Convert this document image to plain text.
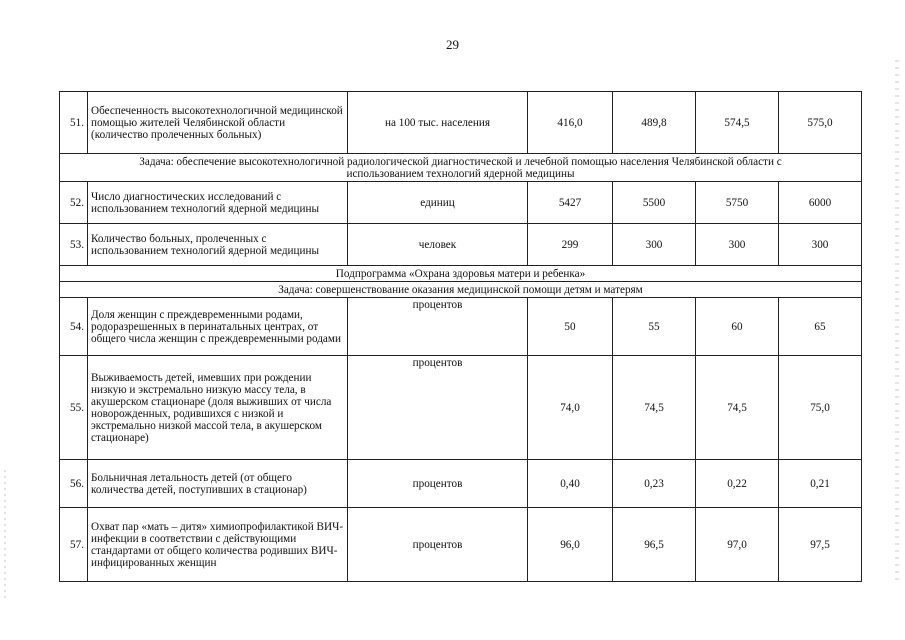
29
51.	Обеспеченность высокотехнологичной медицинской помощью жителей Челябинской области (количество пролеченных больных)	на 100 тыс. населения	416,0	489,8	574,5	575,0
Задача: обеспечение высокотехнологичной радиологической диагностической и лечебной помощью населения Челябинской области с использованием технологий ядерной медицины						
52.	Число диагностических исследований с использованием технологий ядерной медицины	единиц	5427	5500	5750	6000
53.	Количество больных, пролеченных с использованием технологий ядерной медицины	человек	299	300	300	300
Подпрограмма «Охрана здоровья матери и ребенка»						
Задача: совершенствование оказания медицинской помощи детям и матерям						
54.	Доля женщин с преждевременными родами, родоразрешенных в перинатальных центрах, от общего числа женщин с преждевременными родами	процентов	50	55	60	65
55.	Выживаемость детей, имевших при рождении низкую и экстремально низкую массу тела, в акушерском стационаре (доля выживших от числа новорожденных, родившихся с низкой и экстремально низкой массой тела, в акушерском стационаре)	процентов	74,0	74,5	74,5	75,0
56.	Больничная летальность детей (от общего количества детей, поступивших в стационар)	процентов	0,40	0,23	0,22	0,21
57.	Охват пар «мать – дитя» химиопрофилактикой ВИЧ-инфекции в соответствии с действующими стандартами от общего количества родивших ВИЧ-инфицированных женщин	процентов	96,0	96,5	97,0	97,5
